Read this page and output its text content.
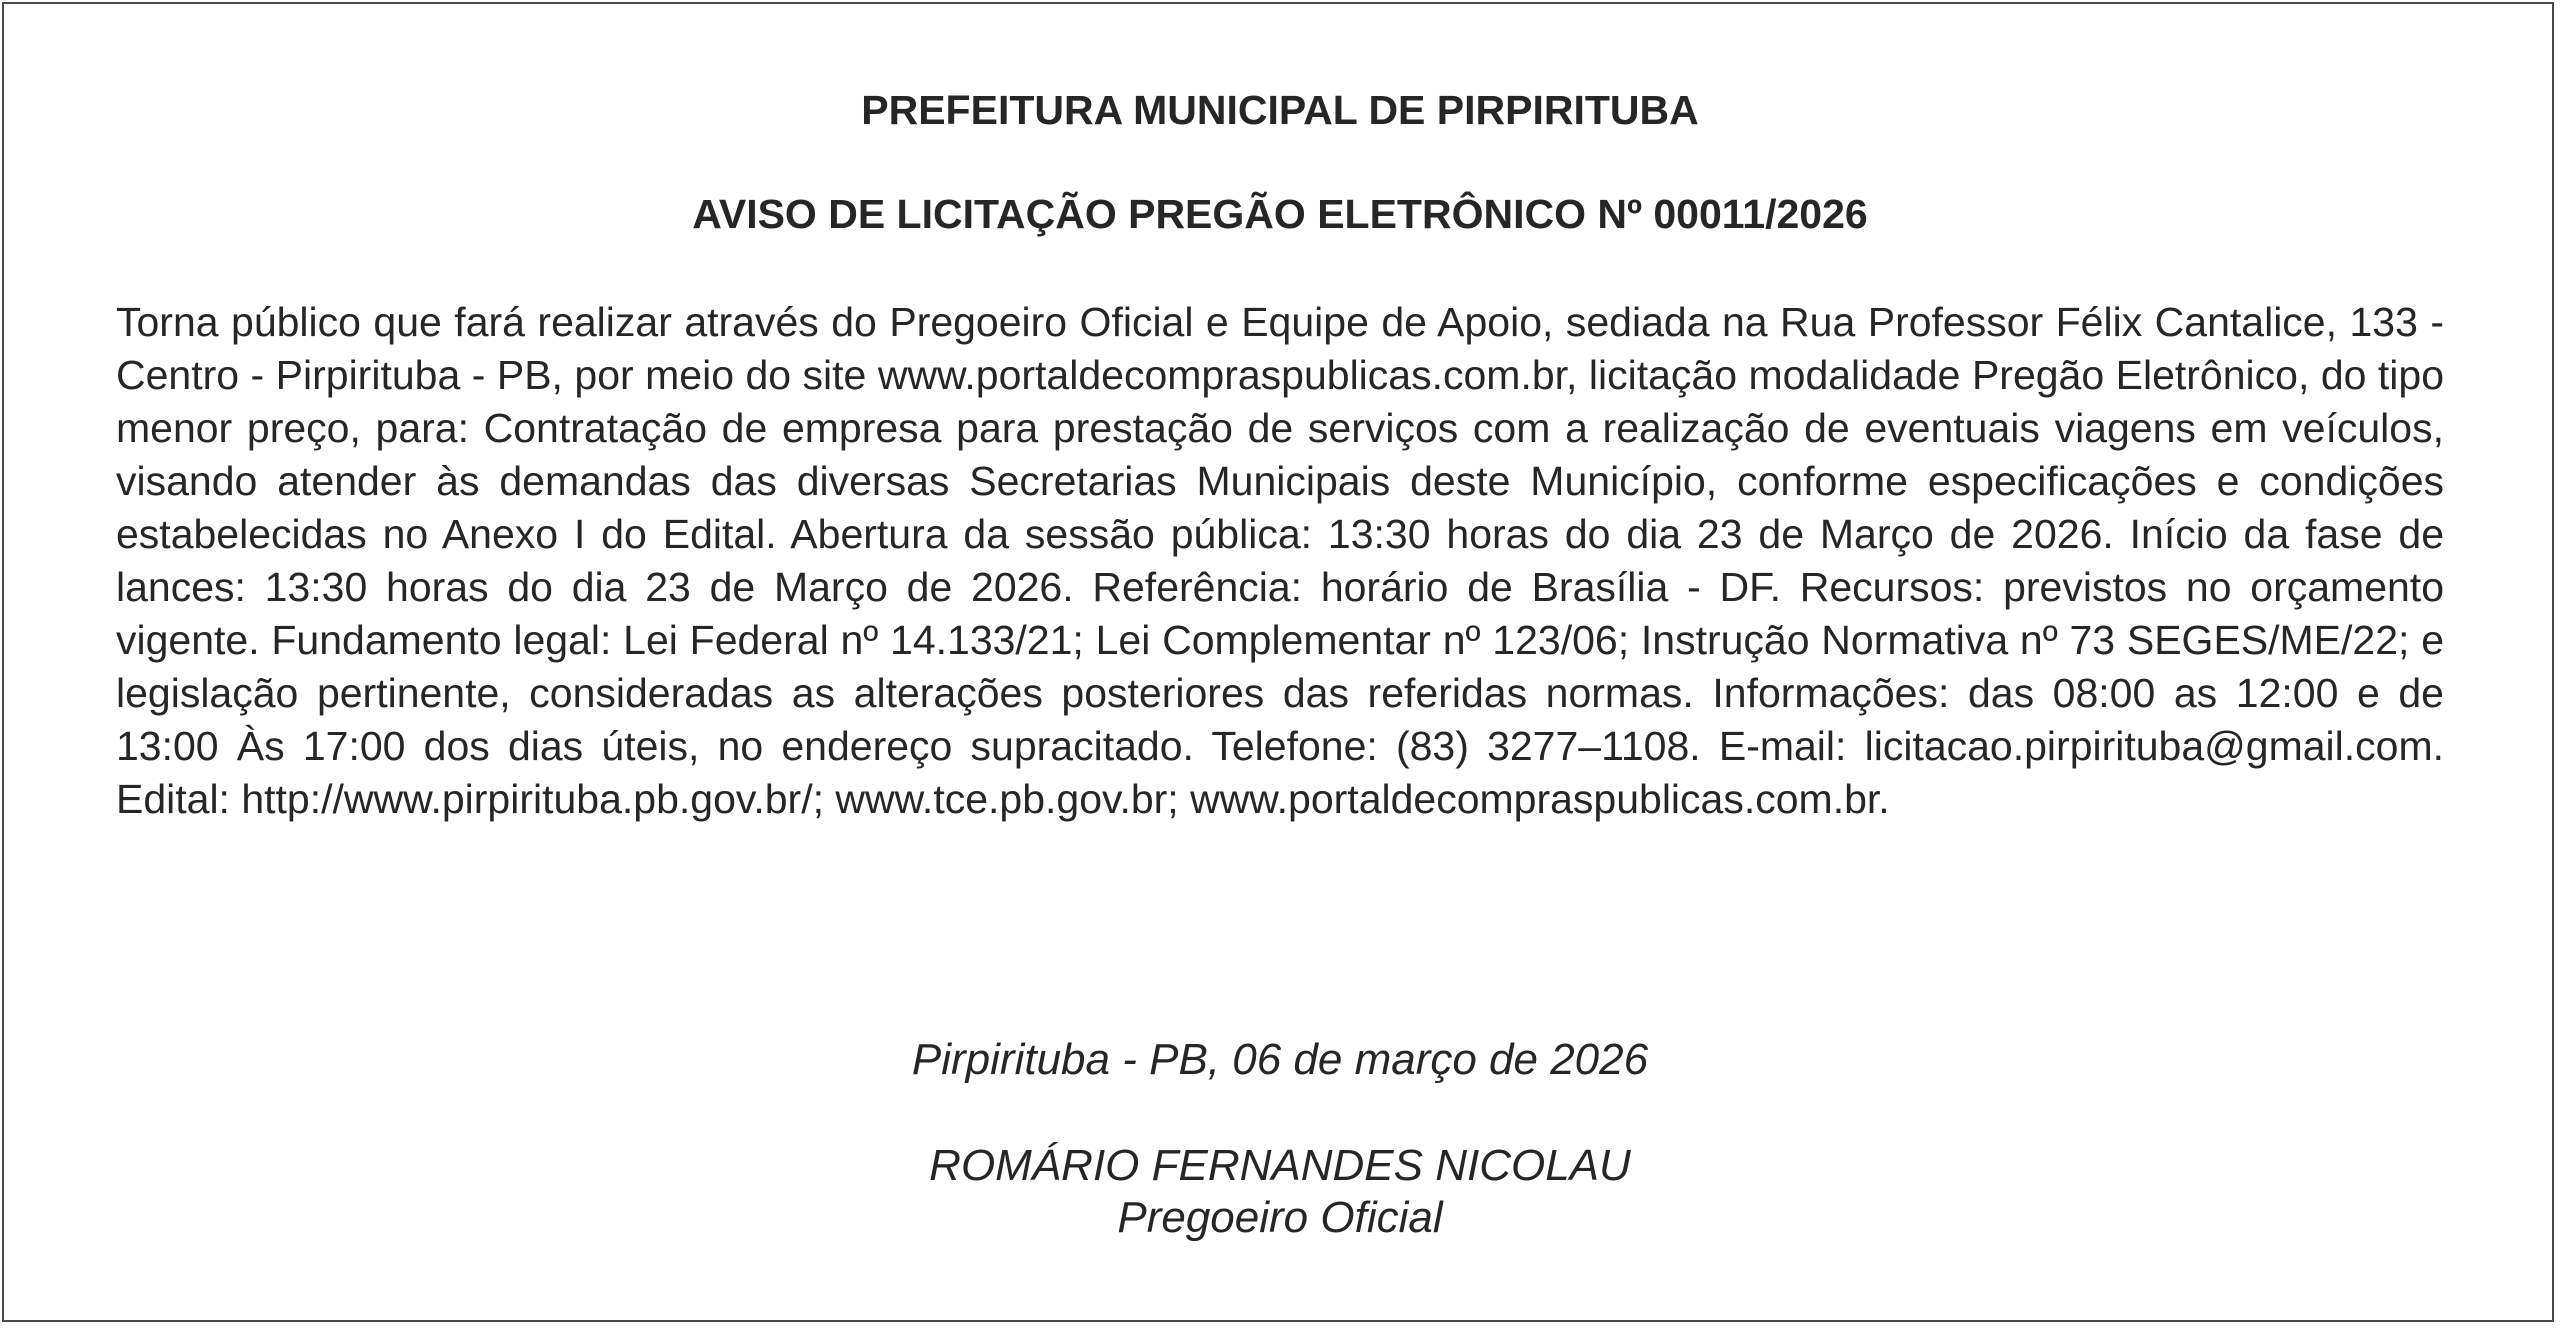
PREFEITURA MUNICIPAL DE PIRPIRITUBA
AVISO DE LICITAÇÃO PREGÃO ELETRÔNICO Nº 00011/2026

Torna público que fará realizar através do Pregoeiro Oficial e Equipe de Apoio, sediada na Rua Professor Félix Cantalice, 133 - Centro - Pirpirituba - PB, por meio do site www.portaldecompraspublicas.com.br, licitação modalidade Pregão Eletrônico, do tipo menor preço, para: Contratação de empresa para prestação de serviços com a realização de eventuais viagens em veículos, visando atender às demandas das diversas Secretarias Municipais deste Município, conforme especificações e condições estabelecidas no Anexo I do Edital. Abertura da sessão pública: 13:30 horas do dia 23 de Março de 2026. Início da fase de lances: 13:30 horas do dia 23 de Março de 2026. Referência: horário de Brasília - DF. Recursos: previstos no orçamento vigente. Fundamento legal: Lei Federal nº 14.133/21; Lei Complementar nº 123/06; Instrução Normativa nº 73 SEGES/ME/22; e legislação pertinente, consideradas as alterações posteriores das referidas normas. Informações: das 08:00 as 12:00 e de 13:00 Às 17:00 dos dias úteis, no endereço supracitado. Telefone: (83) 3277–1108. E-mail: licitacao.pirpirituba@gmail.com. Edital: http://www.pirpirituba.pb.gov.br/; www.tce.pb.gov.br; www.portaldecompraspublicas.com.br.

Pirpirituba - PB, 06 de março de 2026

ROMÁRIO FERNANDES NICOLAU

Pregoeiro Oficial
